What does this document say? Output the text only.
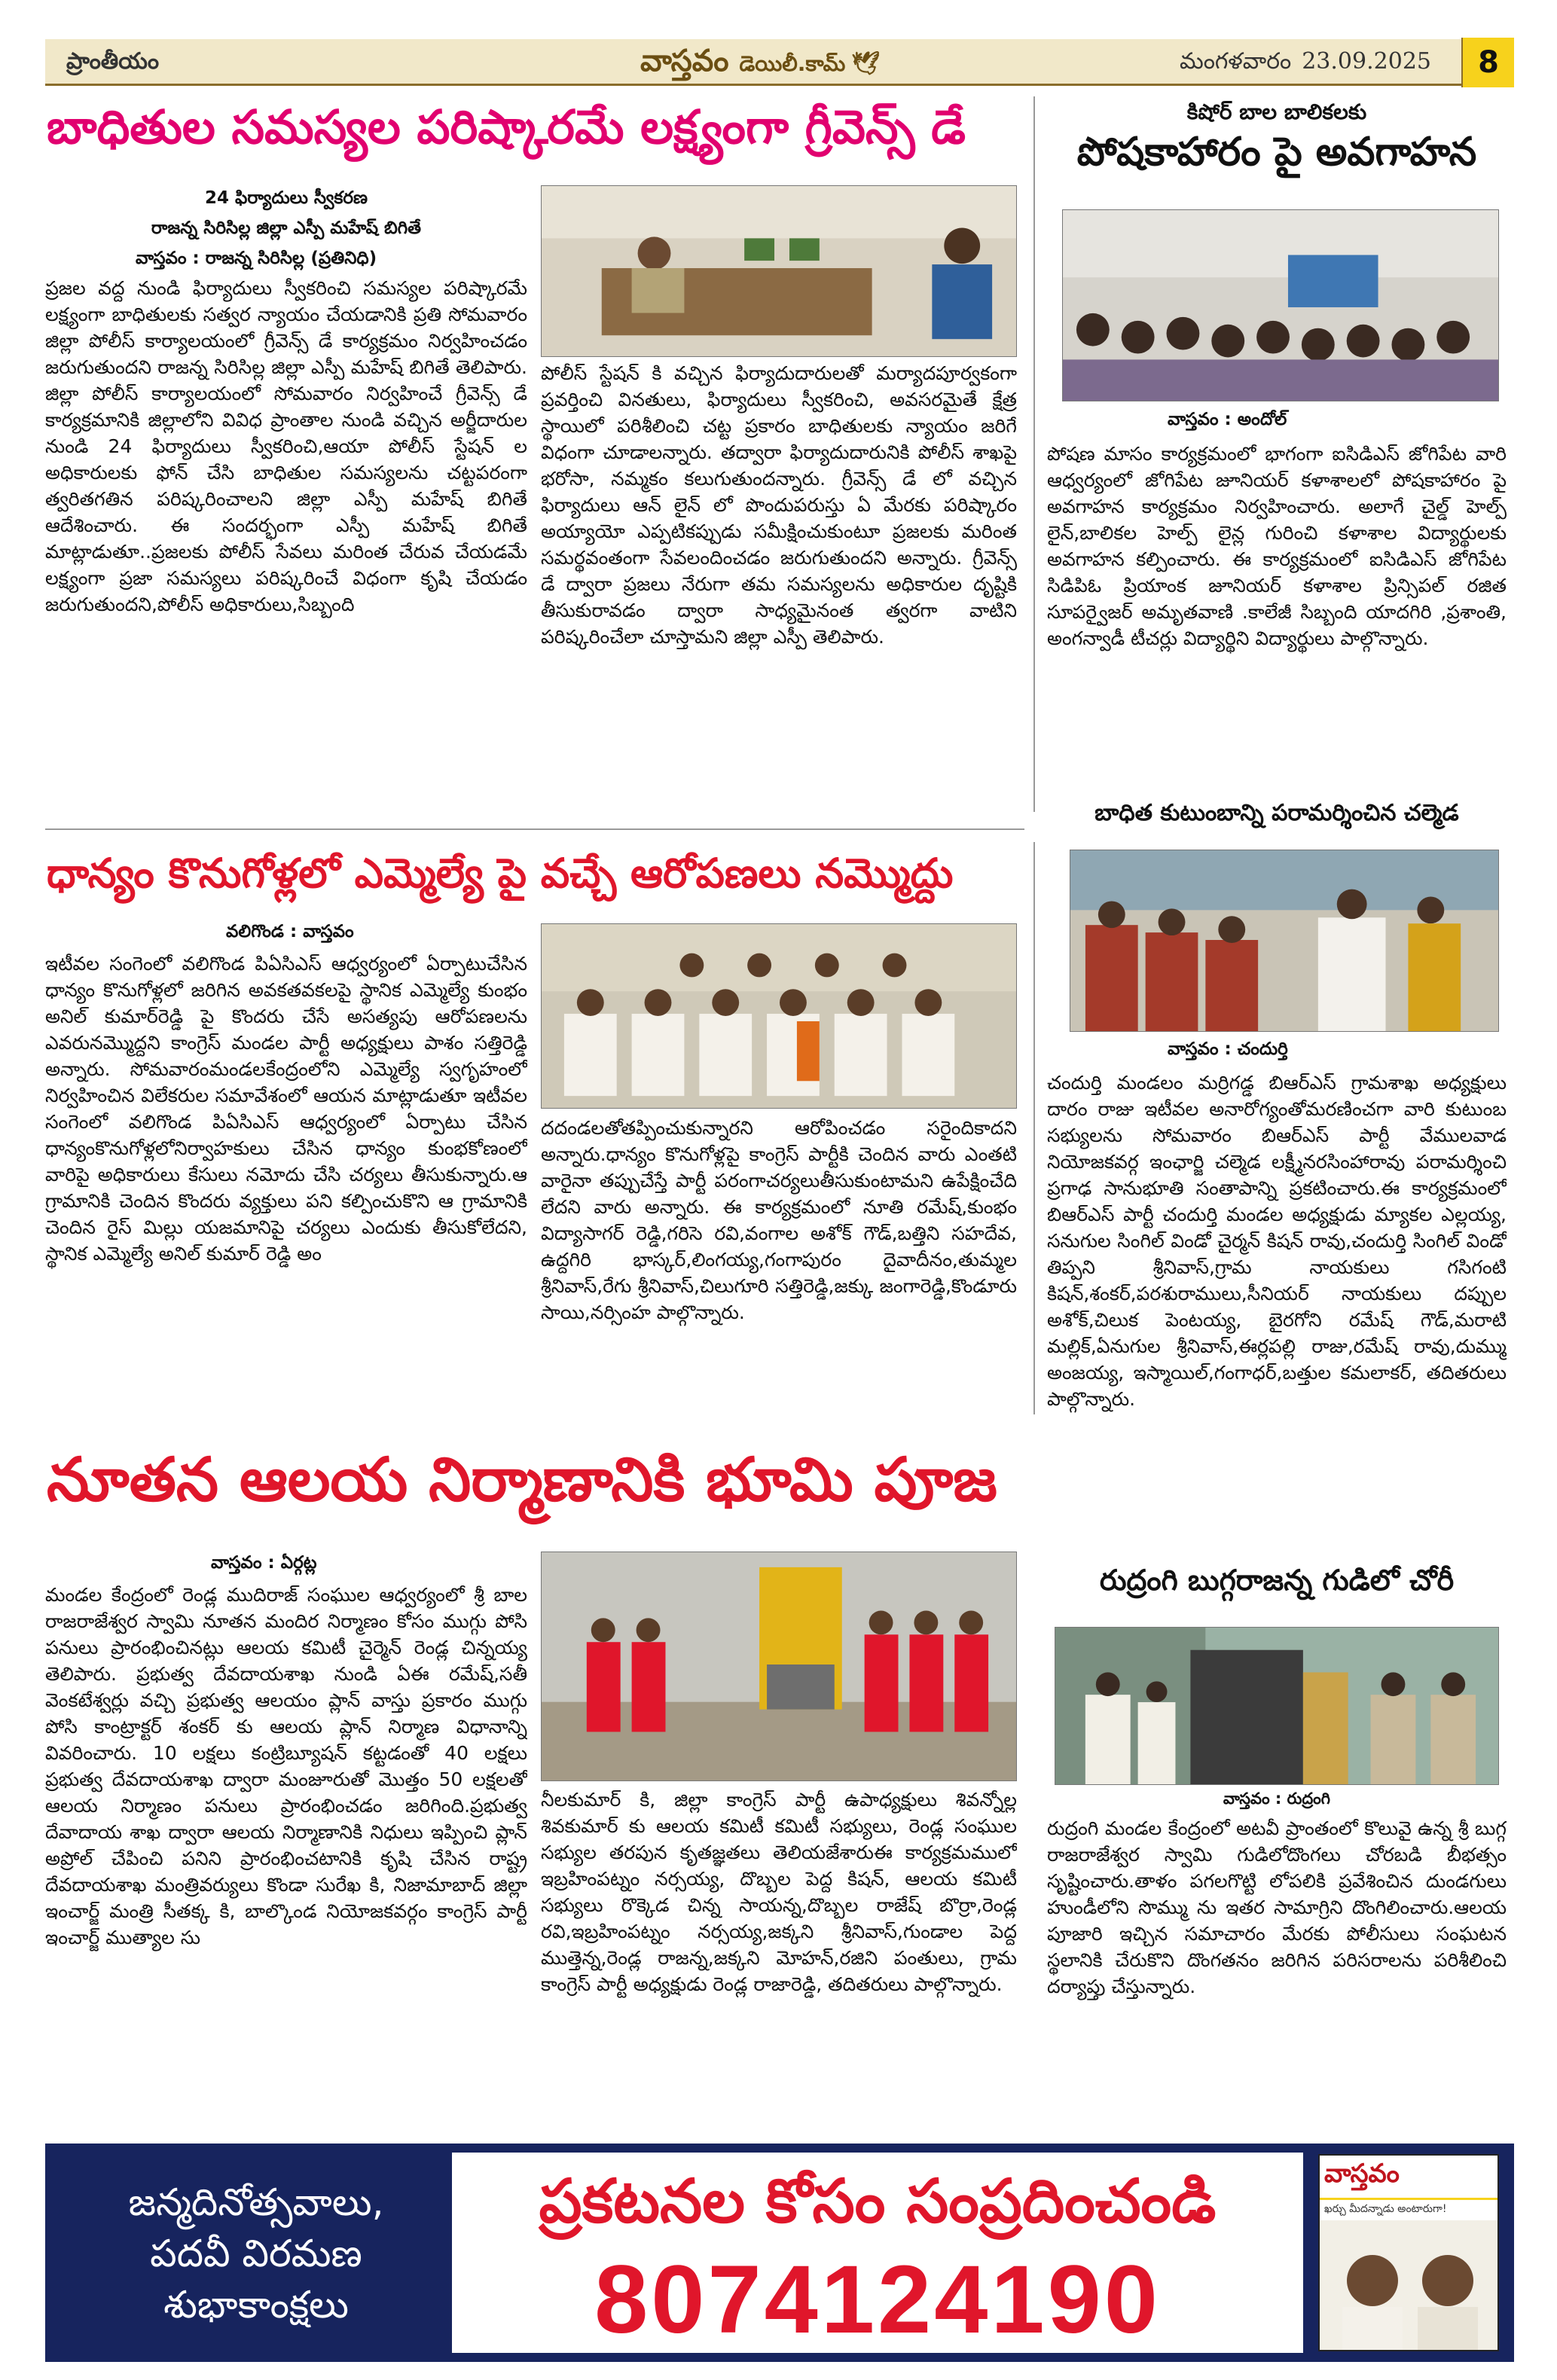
ప్రాంతీయం	వాస్తవం డెయిలీ.కామ్ 🕊	మంగళవారం 23.09.2025	8
బాధితుల సమస్యల పరిష్కారమే లక్ష్యంగా గ్రీవెన్స్ డే
24 ఫిర్యాదులు స్వీకరణ
రాజన్న సిరిసిల్ల జిల్లా ఎస్పీ మహేష్ బిగితే
వాస్తవం : రాజన్న సిరిసిల్ల (ప్రతినిధి)
ప్రజల వద్ద నుండి ఫిర్యాదులు స్వీకరించి సమస్యల పరిష్కారమే లక్ష్యంగా బాధితులకు సత్వర న్యాయం చేయడానికి ప్రతి సోమవారం జిల్లా పోలీస్ కార్యాలయంలో గ్రీవెన్స్ డే కార్యక్రమం నిర్వహించడం జరుగుతుందని రాజన్న సిరిసిల్ల జిల్లా ఎస్పీ మహేష్ బిగితే తెలిపారు. జిల్లా పోలీస్ కార్యాలయంలో సోమవారం నిర్వహించే గ్రీవెన్స్ డే కార్యక్రమానికి జిల్లాలోని వివిధ ప్రాంతాల నుండి వచ్చిన అర్జీదారుల నుండి 24 ఫిర్యాదులు స్వీకరించి,ఆయా పోలీస్ స్టేషన్ ల అధికారులకు ఫోన్ చేసి బాధితుల సమస్యలను చట్టపరంగా త్వరితగతిన పరిష్కరించాలని జిల్లా ఎస్పీ మహేష్ బిగితే ఆదేశించారు. ఈ సందర్భంగా ఎస్పీ మహేష్ బిగితే మాట్లాడుతూ..ప్రజలకు పోలీస్ సేవలు మరింత చేరువ చేయడమే లక్ష్యంగా ప్రజా సమస్యలు పరిష్కరించే విధంగా కృషి చేయడం జరుగుతుందని,పోలీస్ అధికారులు,సిబ్బంది
పోలీస్ స్టేషన్ కి వచ్చిన ఫిర్యాదుదారులతో మర్యాదపూర్వకంగా ప్రవర్తించి వినతులు, ఫిర్యాదులు స్వీకరించి, అవసరమైతే క్షేత్ర స్థాయిలో పరిశీలించి చట్ట ప్రకారం బాధితులకు న్యాయం జరిగే విధంగా చూడాలన్నారు. తద్వారా ఫిర్యాదుదారునికి పోలీస్ శాఖపై భరోసా, నమ్మకం కలుగుతుందన్నారు. గ్రీవెన్స్ డే లో వచ్చిన ఫిర్యాదులు ఆన్ లైన్ లో పొందుపరుస్తు ఏ మేరకు పరిష్కారం అయ్యాయో ఎప్పటికప్పుడు సమీక్షించుకుంటూ ప్రజలకు మరింత సమర్థవంతంగా సేవలందించడం జరుగుతుందని అన్నారు. గ్రీవెన్స్ డే ద్వారా ప్రజలు నేరుగా తమ సమస్యలను అధికారుల దృష్టికి తీసుకురావడం ద్వారా సాధ్యమైనంత త్వరగా వాటిని పరిష్కరించేలా చూస్తామని జిల్లా ఎస్పీ తెలిపారు.
ధాన్యం కొనుగోళ్లలో ఎమ్మెల్యే పై వచ్చే ఆరోపణలు నమ్మొద్దు
వలిగొండ : వాస్తవం
ఇటీవల సంగెంలో వలిగొండ పిఏసిఎస్ ఆధ్వర్యంలో ఏర్పాటుచేసిన ధాన్యం కొనుగోళ్లలో జరిగిన అవకతవకలపై స్థానిక ఎమ్మెల్యే కుంభం అనిల్ కుమార్‌రెడ్డి పై కొందరు చేసే అసత్యపు ఆరోపణలను ఎవరునమ్మొద్దని కాంగ్రెస్ మండల పార్టీ అధ్యక్షులు పాశం సత్తిరెడ్డి అన్నారు. సోమవారంమండలకేంద్రంలోని ఎమ్మెల్యే స్వగృహంలో నిర్వహించిన విలేకరుల సమావేశంలో ఆయన మాట్లాడుతూ ఇటీవల సంగెంలో వలిగొండ పిఏసిఎస్ ఆధ్వర్యంలో ఏర్పాటు చేసిన ధాన్యంకొనుగోళ్లలోనిర్వాహకులు చేసిన ధాన్యం కుంభకోణంలో వారిపై అధికారులు కేసులు నమోదు చేసి చర్యలు తీసుకున్నారు.ఆ గ్రామానికి చెందిన కొందరు వ్యక్తులు పని కల్పించుకొని ఆ గ్రామానికి చెందిన రైస్ మిల్లు యజమానిపై చర్యలు ఎందుకు తీసుకోలేదని, స్థానిక ఎమ్మెల్యే అనిల్ కుమార్ రెడ్డి అం
దదండలతోతప్పించుకున్నారని ఆరోపించడం సరైందికాదని అన్నారు.ధాన్యం కొనుగోళ్లపై కాంగ్రెస్ పార్టీకి చెందిన వారు ఎంతటి వారైనా తప్పుచేస్తే పార్టీ పరంగాచర్యలుతీసుకుంటామని ఉపేక్షించేది లేదని వారు అన్నారు. ఈ కార్యక్రమంలో నూతి రమేష్,కుంభం విద్యాసాగర్ రెడ్డి,గరిసె రవి,వంగాల అశోక్ గౌడ్,బత్తిని సహదేవ, ఉద్దగిరి భాస్కర్,లింగయ్య,గంగాపురం దైవాదీనం,తుమ్మల శ్రీనివాస్,రేగు శ్రీనివాస్,చిలుగూరి సత్తిరెడ్డి,జక్కు జంగారెడ్డి,కొండూరు సాయి,నర్సింహ పాల్గొన్నారు.
నూతన ఆలయ నిర్మాణానికి భూమి పూజ
వాస్తవం : ఏర్గట్ల
మండల కేంద్రంలో రెండ్ల ముదిరాజ్ సంఘుల ఆధ్వర్యంలో శ్రీ బాల రాజరాజేశ్వర స్వామి నూతన మందిర నిర్మాణం కోసం ముగ్గు పోసి పనులు ప్రారంభించినట్లు ఆలయ కమిటీ చైర్మెన్ రెండ్ల చిన్నయ్య తెలిపారు. ప్రభుత్వ దేవదాయశాఖ నుండి ఏఈ రమేష్,సతీ వెంకటేశ్వర్లు వచ్చి ప్రభుత్వ ఆలయం ప్లాన్ వాస్తు ప్రకారం ముగ్గు పోసి కాంట్రాక్టర్ శంకర్ కు ఆలయ ప్లాన్ నిర్మాణ విధానాన్ని వివరించారు. 10 లక్షలు కంట్రిబ్యూషన్ కట్టడంతో 40 లక్షలు ప్రభుత్వ దేవదాయశాఖ ద్వారా మంజూరుతో మొత్తం 50 లక్షలతో ఆలయ నిర్మాణం పనులు ప్రారంభించడం జరిగింది.ప్రభుత్వ దేవాదాయ శాఖ ద్వారా ఆలయ నిర్మాణానికి నిధులు ఇప్పించి ప్లాన్ అప్రోల్ చేపించి పనిని ప్రారంభించటానికి కృషి చేసిన రాష్ట్ర దేవదాయశాఖ మంత్రివర్యులు కొండా సురేఖ కి, నిజామాబాద్ జిల్లా ఇంచార్జ్ మంత్రి సీతక్క కి, బాల్కొండ నియోజకవర్గం కాంగ్రెస్ పార్టీ ఇంచార్జ్ ముత్యాల సు
నీలకుమార్ కి, జిల్లా కాంగ్రెస్ పార్టీ ఉపాధ్యక్షులు శివన్నోల్ల శివకుమార్ కు ఆలయ కమిటీ కమిటీ సభ్యులు, రెండ్ల సంఘుల సభ్యుల తరపున కృతజ్ఞతలు తెలియజేశారుఈ కార్యక్రమములో ఇబ్రహింపట్నం నర్సయ్య, దొబ్బల పెద్ద కిషన్, ఆలయ కమిటీ సభ్యులు రొక్కెడ చిన్న సాయన్న,దొబ్బల రాజేష్ బొర్రా,రెండ్ల రవి,ఇబ్రహింపట్నం నర్సయ్య,జక్కని శ్రీనివాస్,గుండాల పెద్ద ముత్తెన్న,రెండ్ల రాజన్న,జక్కని మోహన్,రజిని పంతులు, గ్రామ కాంగ్రెస్ పార్టీ అధ్యక్షుడు రెండ్ల రాజారెడ్డి, తదితరులు పాల్గొన్నారు.
కిషోర్ బాల బాలికలకు
పోషకాహారం పై అవగాహన
వాస్తవం : అందోల్
పోషణ మాసం కార్యక్రమంలో భాగంగా ఐసిడిఎస్ జోగిపేట వారి ఆధ్వర్యంలో జోగిపేట జూనియర్ కళాశాలలో పోషకాహారం పై అవగాహన కార్యక్రమం నిర్వహించారు. అలాగే చైల్డ్ హెల్ప్ లైన్,బాలికల హెల్ప్ లైన్ల గురించి కళాశాల విద్యార్థులకు అవగాహన కల్పించారు. ఈ కార్యక్రమంలో ఐసిడిఎస్ జోగిపేట సిడిపిఓ ప్రియాంక జూనియర్ కళాశాల ప్రిన్సిపల్ రజిత సూపర్వైజర్ అమృతవాణి .కాలేజీ సిబ్బంది యాదగిరి ,ప్రశాంతి, అంగన్వాడీ టీచర్లు విద్యార్థిని విద్యార్థులు పాల్గొన్నారు.
బాధిత కుటుంబాన్ని పరామర్శించిన చల్మెడ
వాస్తవం : చందుర్తి
చందుర్తి మండలం మర్రిగడ్డ బిఆర్ఎస్ గ్రామశాఖ అధ్యక్షులు దారం రాజు ఇటీవల అనారోగ్యంతోమరణించగా వారి కుటుంబ సభ్యులను సోమవారం బిఆర్ఎస్ పార్టీ వేములవాడ నియోజకవర్గ ఇంఛార్జి చల్మెడ లక్ష్మీనరసింహారావు పరామర్శించి ప్రగాఢ సానుభూతి సంతాపాన్ని ప్రకటించారు.ఈ కార్యక్రమంలో బిఆర్ఎస్ పార్టీ చందుర్తి మండల అధ్యక్షుడు మ్యాకల ఎల్లయ్య, సనుగుల సింగిల్ విండో చైర్మన్ కిషన్ రావు,చందుర్తి సింగిల్ విండో తిప్పని శ్రీనివాస్,గ్రామ నాయకులు గసిగంటి కిషన్,శంకర్,పరశురాములు,సీనియర్ నాయకులు దప్పుల అశోక్,చిలుక పెంటయ్య, బైరగోని రమేష్ గౌడ్,మరాటి మల్లిక్,ఏనుగుల శ్రీనివాస్,ఈర్లపల్లి రాజు,రమేష్ రావు,దుమ్ము అంజయ్య, ఇస్మాయిల్,గంగాధర్,బత్తుల కమలాకర్, తదితరులు పాల్గొన్నారు.
రుద్రంగి బుగ్గరాజన్న గుడిలో చోరీ
వాస్తవం : రుద్రంగి
రుద్రంగి మండల కేంద్రంలో అటవీ ప్రాంతంలో కొలువై ఉన్న శ్రీ బుగ్గ రాజరాజేశ్వర స్వామి గుడిలోదొంగలు చోరబడి బీభత్సం సృష్టించారు.తాళం పగలగొట్టి లోపలికి ప్రవేశించిన దుండగులు హుండీలోని సొమ్ము ను ఇతర సామాగ్రిని దొంగిలించారు.ఆలయ పూజారి ఇచ్చిన సమాచారం మేరకు పోలీసులు సంఘటన స్థలానికి చేరుకొని దొంగతనం జరిగిన పరిసరాలను పరిశీలించి దర్యాప్తు చేస్తున్నారు.
జన్మదినోత్సవాలు,
పదవీ విరమణ
శుభాకాంక్షలు
ప్రకటనల కోసం సంప్రదించండి
8074124190
వాస్తవం
ఖర్చు మీదన్నాడు అంటారుగా!
